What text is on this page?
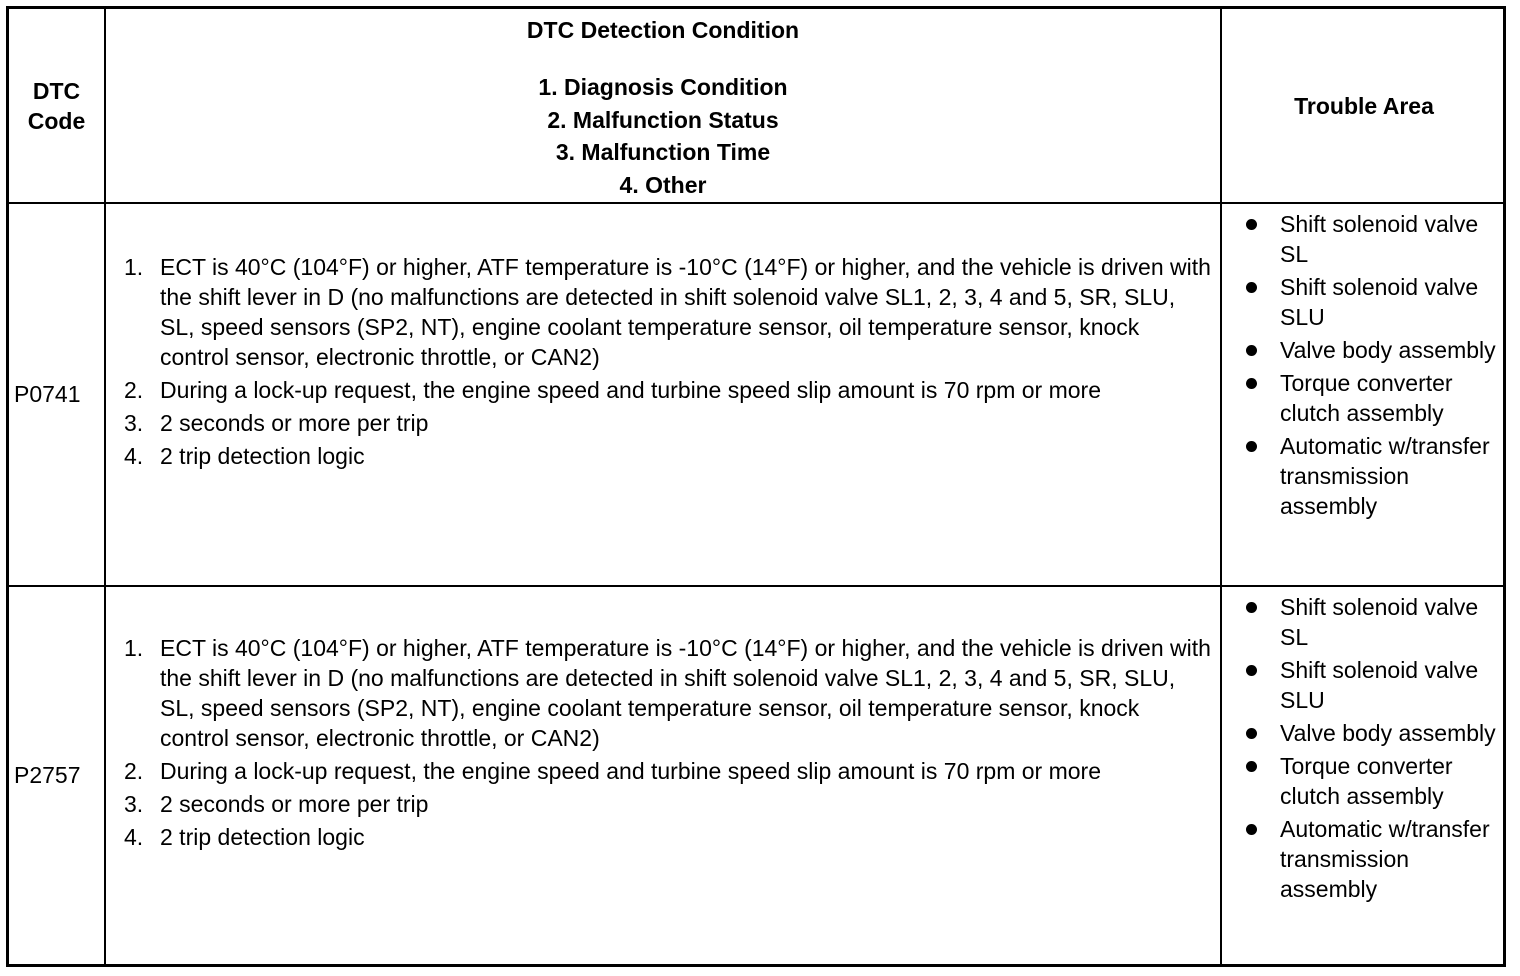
DTC Code
DTC Detection Condition
1. Diagnosis Condition
2. Malfunction Status
3. Malfunction Time
4. Other
Trouble Area
P0741
1. ECT is 40°C (104°F) or higher, ATF temperature is -10°C (14°F) or higher, and the vehicle is driven with the shift lever in D (no malfunctions are detected in shift solenoid valve SL1, 2, 3, 4 and 5, SR, SLU, SL, speed sensors (SP2, NT), engine coolant temperature sensor, oil temperature sensor, knock control sensor, electronic throttle, or CAN2)
2. During a lock-up request, the engine speed and turbine speed slip amount is 70 rpm or more
3. 2 seconds or more per trip
4. 2 trip detection logic
Shift solenoid valve SL
Shift solenoid valve SLU
Valve body assembly
Torque converter clutch assembly
Automatic w/transfer transmission assembly
P2757
1. ECT is 40°C (104°F) or higher, ATF temperature is -10°C (14°F) or higher, and the vehicle is driven with the shift lever in D (no malfunctions are detected in shift solenoid valve SL1, 2, 3, 4 and 5, SR, SLU, SL, speed sensors (SP2, NT), engine coolant temperature sensor, oil temperature sensor, knock control sensor, electronic throttle, or CAN2)
2. During a lock-up request, the engine speed and turbine speed slip amount is 70 rpm or more
3. 2 seconds or more per trip
4. 2 trip detection logic
Shift solenoid valve SL
Shift solenoid valve SLU
Valve body assembly
Torque converter clutch assembly
Automatic w/transfer transmission assembly
